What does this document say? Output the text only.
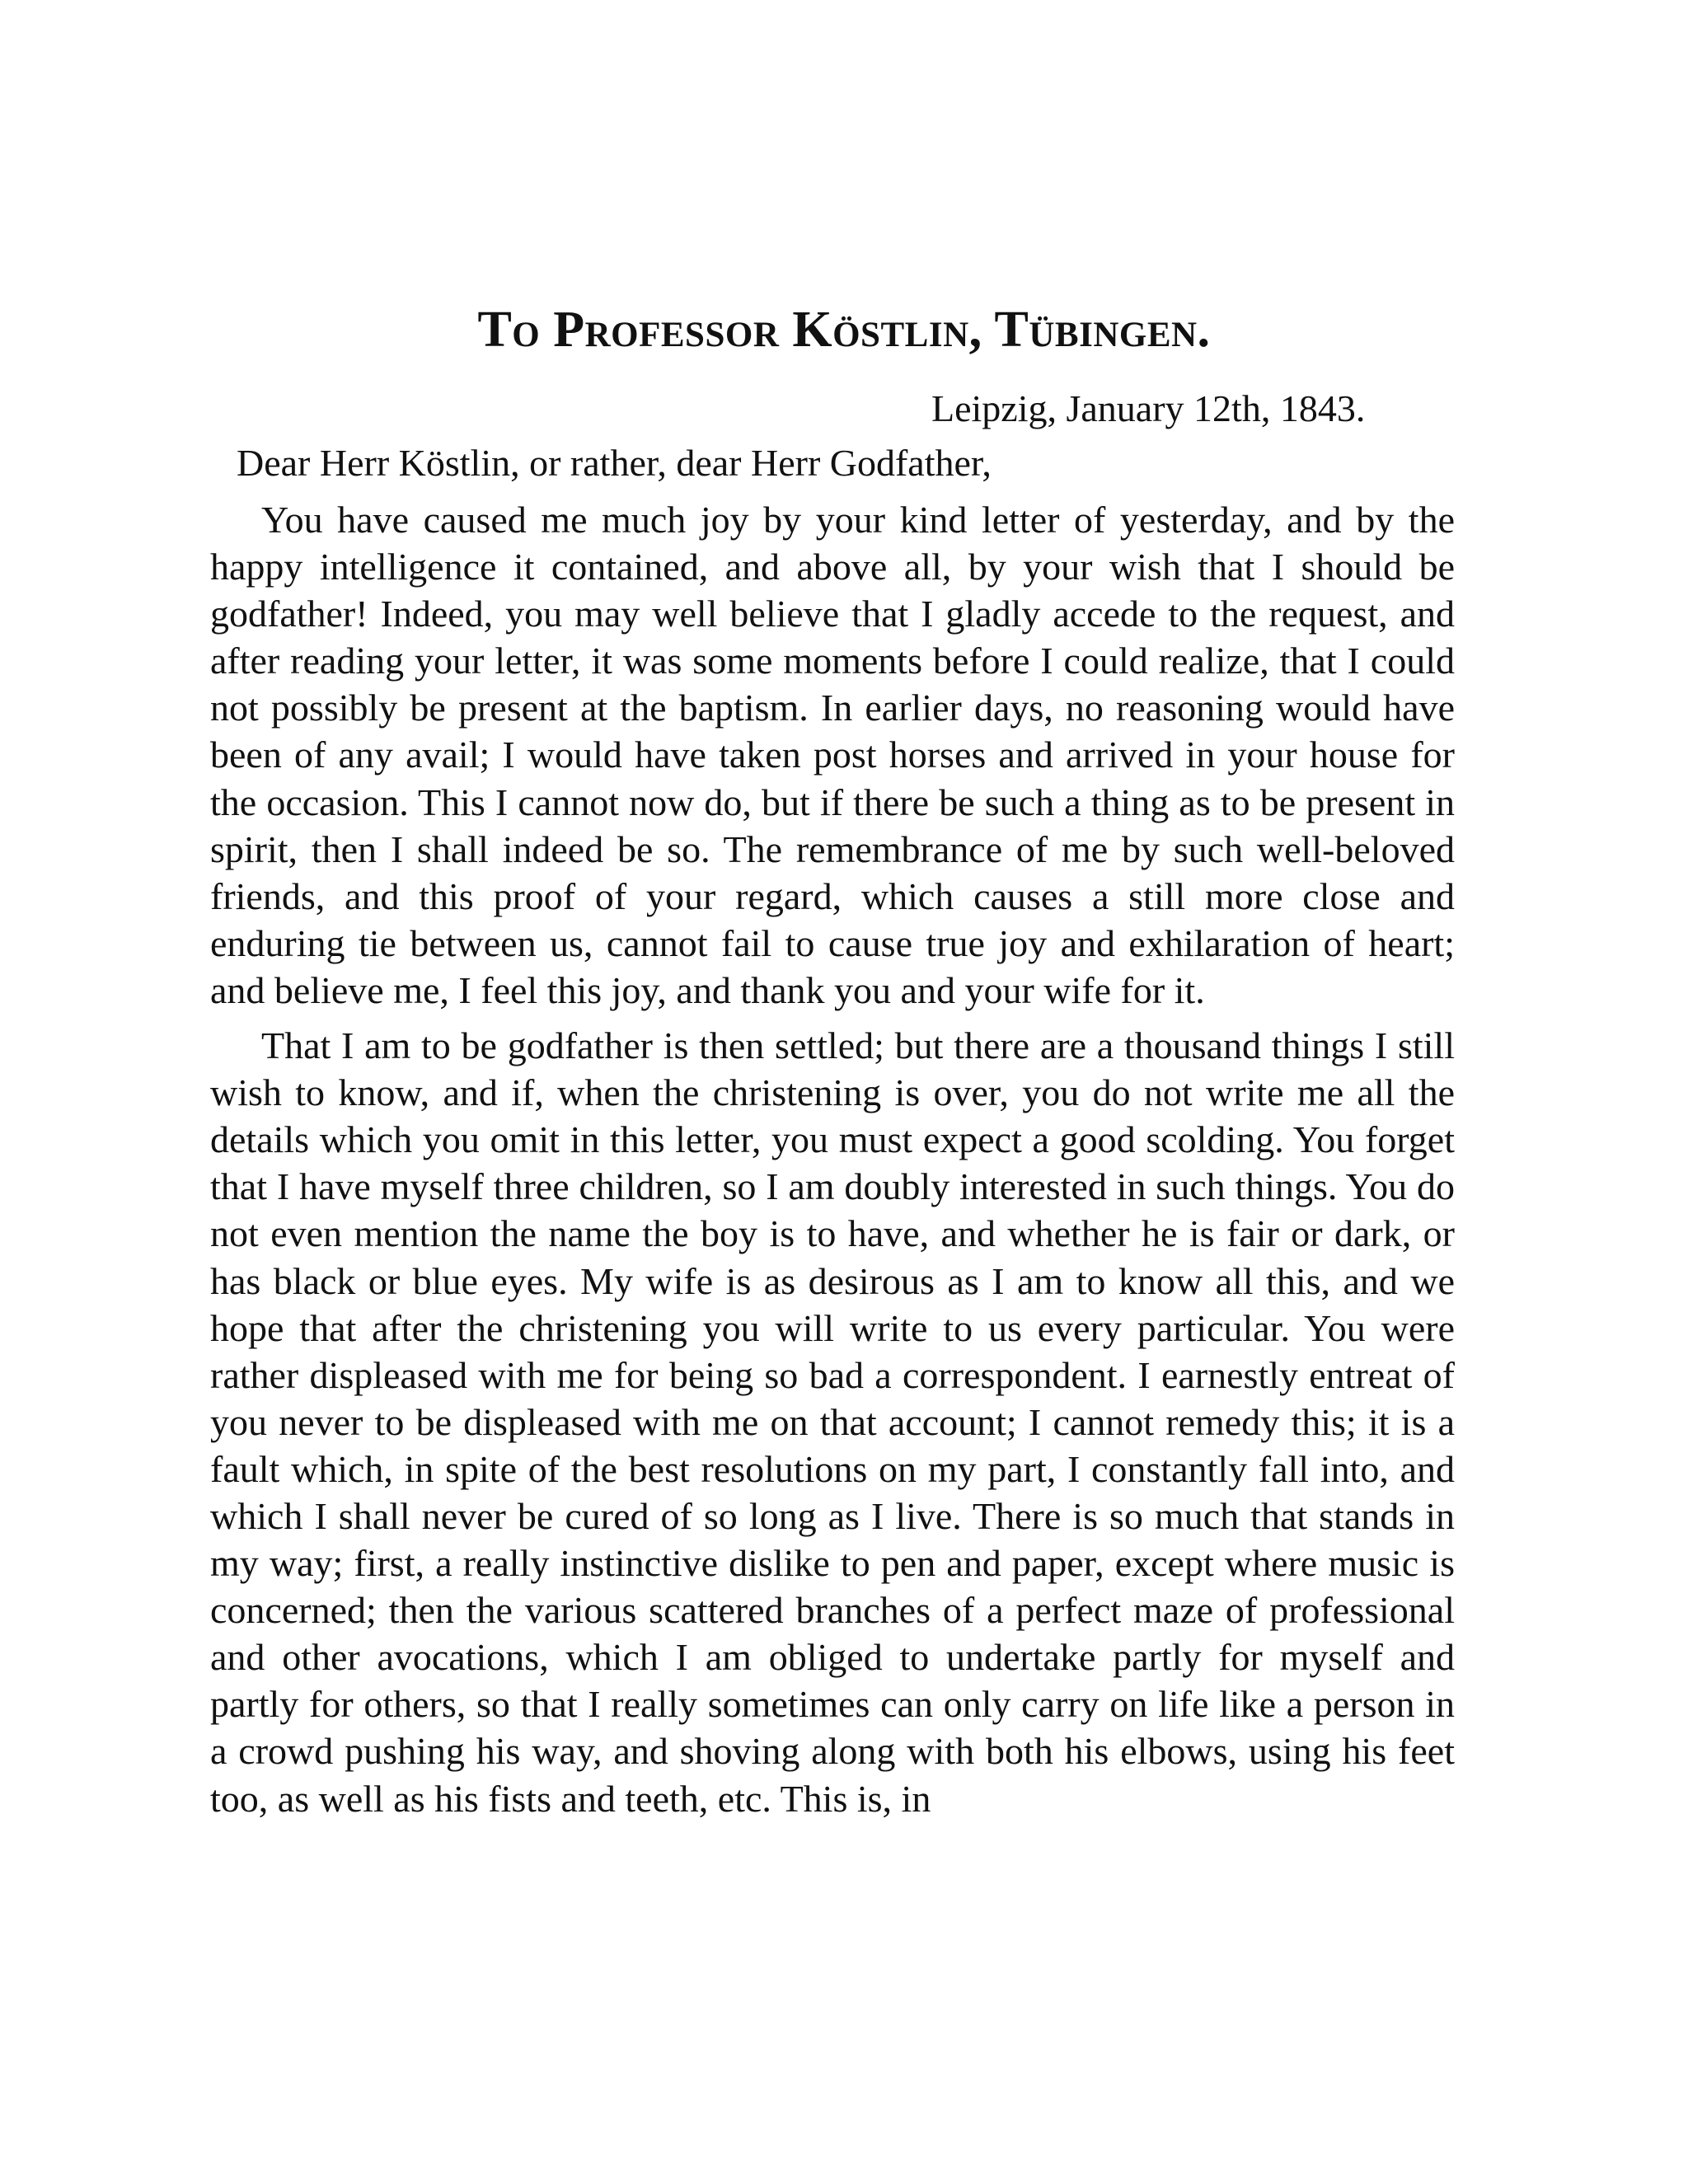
To Professor Köstlin, Tübingen.
Leipzig, January 12th, 1843.
Dear Herr Köstlin, or rather, dear Herr Godfather,

You have caused me much joy by your kind letter of yesterday, and by the happy intelligence it contained, and above all, by your wish that I should be godfather! Indeed, you may well believe that I gladly accede to the request, and after reading your letter, it was some moments before I could realize, that I could not possibly be present at the baptism. In earlier days, no reasoning would have been of any avail; I would have taken post horses and arrived in your house for the occasion. This I cannot now do, but if there be such a thing as to be present in spirit, then I shall indeed be so. The remembrance of me by such well-beloved friends, and this proof of your regard, which causes a still more close and enduring tie between us, cannot fail to cause true joy and exhilaration of heart; and believe me, I feel this joy, and thank you and your wife for it.

That I am to be godfather is then settled; but there are a thousand things I still wish to know, and if, when the christening is over, you do not write me all the details which you omit in this letter, you must expect a good scolding. You forget that I have myself three children, so I am doubly interested in such things. You do not even mention the name the boy is to have, and whether he is fair or dark, or has black or blue eyes. My wife is as desirous as I am to know all this, and we hope that after the christening you will write to us every particular. You were rather displeased with me for being so bad a correspondent. I earnestly entreat of you never to be displeased with me on that account; I cannot remedy this; it is a fault which, in spite of the best resolutions on my part, I constantly fall into, and which I shall never be cured of so long as I live. There is so much that stands in my way; first, a really instinctive dislike to pen and paper, except where music is concerned; then the various scattered branches of a perfect maze of professional and other avocations, which I am obliged to undertake partly for myself and partly for others, so that I really sometimes can only carry on life like a person in a crowd pushing his way, and shoving along with both his elbows, using his feet too, as well as his fists and teeth, etc. This is, in
